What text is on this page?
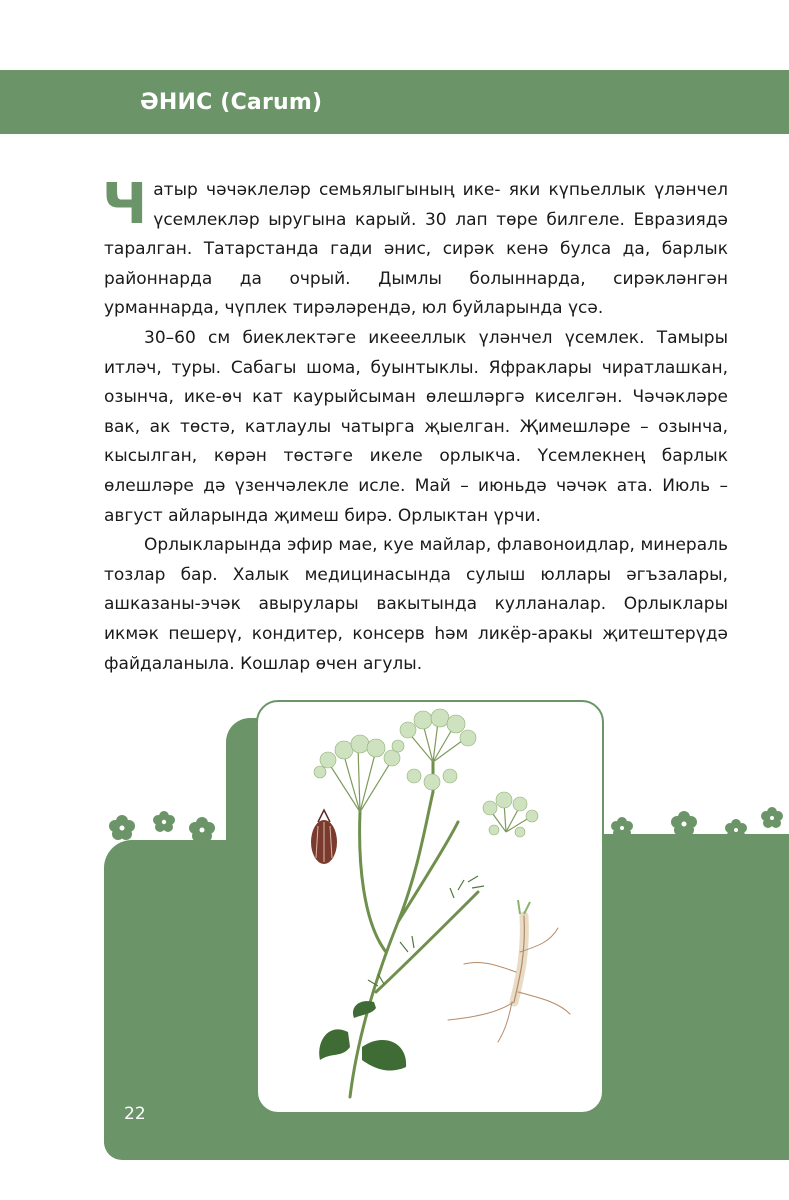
ӘНИС (Carum)

Чатыр чәчәклеләр семьялыгының ике- яки күпьеллык үләнчел үсемлекләр ыругына карый. 30 лап төре билгеле. Евразиядә таралган. Татарстанда гади әнис, сирәк кенә булса да, барлык районнарда да очрый. Дымлы болыннарда, сирәкләнгән урманнарда, чүплек тирәләрендә, юл буйларында үсә.

30–60 см биеклектәге икеееллык үләнчел үсемлек. Тамыры итләч, туры. Сабагы шома, буынтыклы. Яфраклары чиратлашкан, озынча, ике-өч кат каурыйсыман өлешләргә киселгән. Чәчәкләре вак, ак төстә, катлаулы чатырга җыелган. Җимешләре – озынча, кысылган, көрән төстәге икеле орлыкча. Үсемлекнең барлык өлешләре дә үзенчәлекле исле. Май – июньдә чәчәк ата. Июль – август айларында җимеш бирә. Орлыктан үрчи.

Орлыкларында эфир мае, куе майлар, флавоноидлар, минераль тозлар бар. Халык медицинасында сулыш юллары әгъзалары, ашказаны-эчәк авырулары вакытында кулланалар. Орлыклары икмәк пешерү, кондитер, консерв һәм ликёр-аракы җитештерүдә файдаланыла. Кошлар өчен агулы.

22
